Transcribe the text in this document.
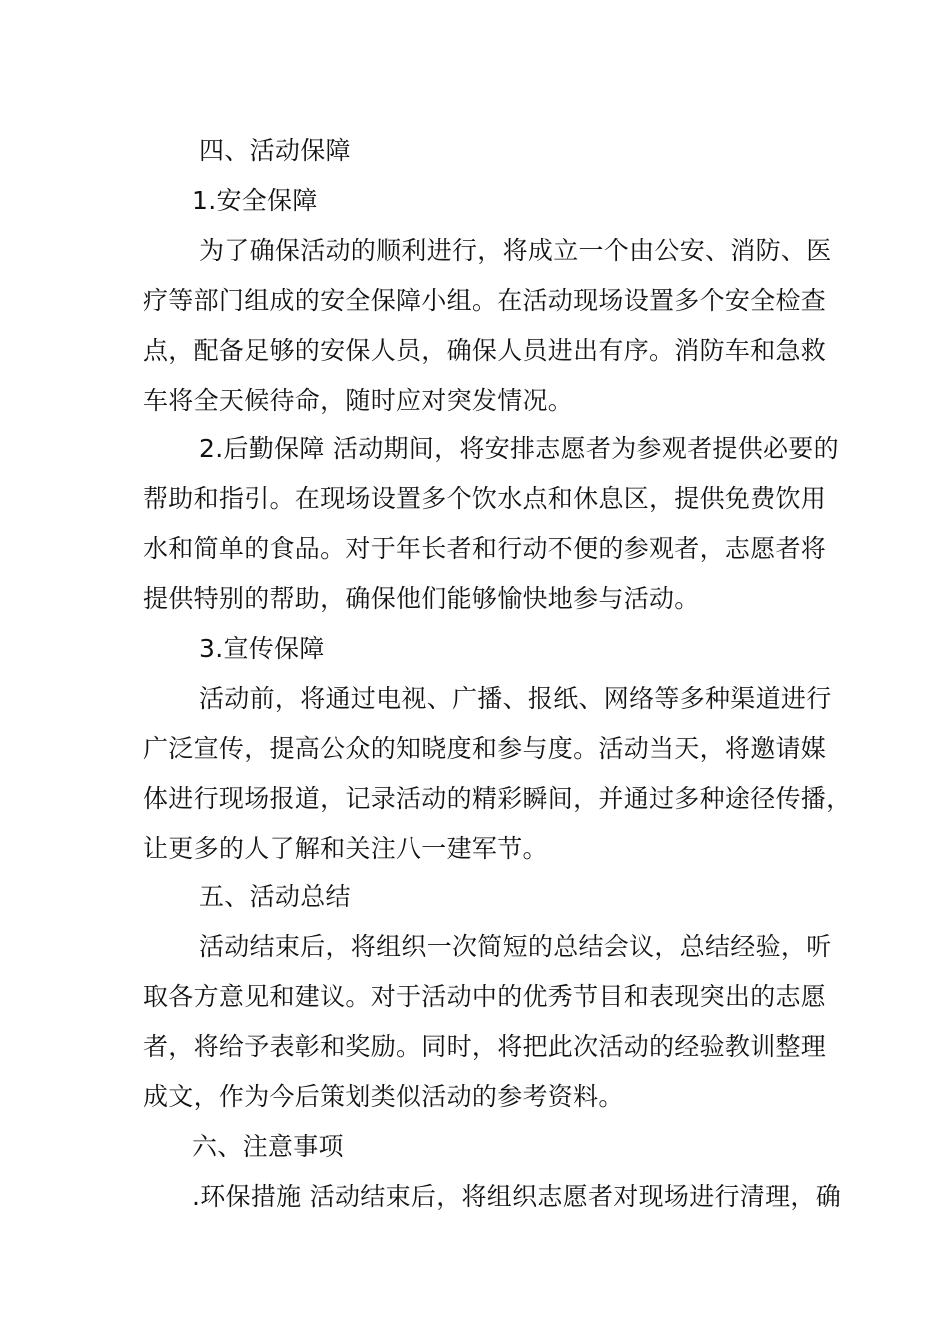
四、活动保障
1.安全保障
为了确保活动的顺利进行，将成立一个由公安、消防、医
疗等部门组成的安全保障小组。在活动现场设置多个安全检查
点，配备足够的安保人员，确保人员进出有序。消防车和急救
车将全天候待命，随时应对突发情况。
2.后勤保障 活动期间，将安排志愿者为参观者提供必要的
帮助和指引。在现场设置多个饮水点和休息区，提供免费饮用
水和简单的食品。对于年长者和行动不便的参观者，志愿者将
提供特别的帮助，确保他们能够愉快地参与活动。
3.宣传保障
活动前，将通过电视、广播、报纸、网络等多种渠道进行
广泛宣传，提高公众的知晓度和参与度。活动当天，将邀请媒
体进行现场报道，记录活动的精彩瞬间，并通过多种途径传播，
让更多的人了解和关注八一建军节。
五、活动总结
活动结束后，将组织一次简短的总结会议，总结经验，听
取各方意见和建议。对于活动中的优秀节目和表现突出的志愿
者，将给予表彰和奖励。同时，将把此次活动的经验教训整理
成文，作为今后策划类似活动的参考资料。
六、注意事项
.环保措施 活动结束后，将组织志愿者对现场进行清理，确
